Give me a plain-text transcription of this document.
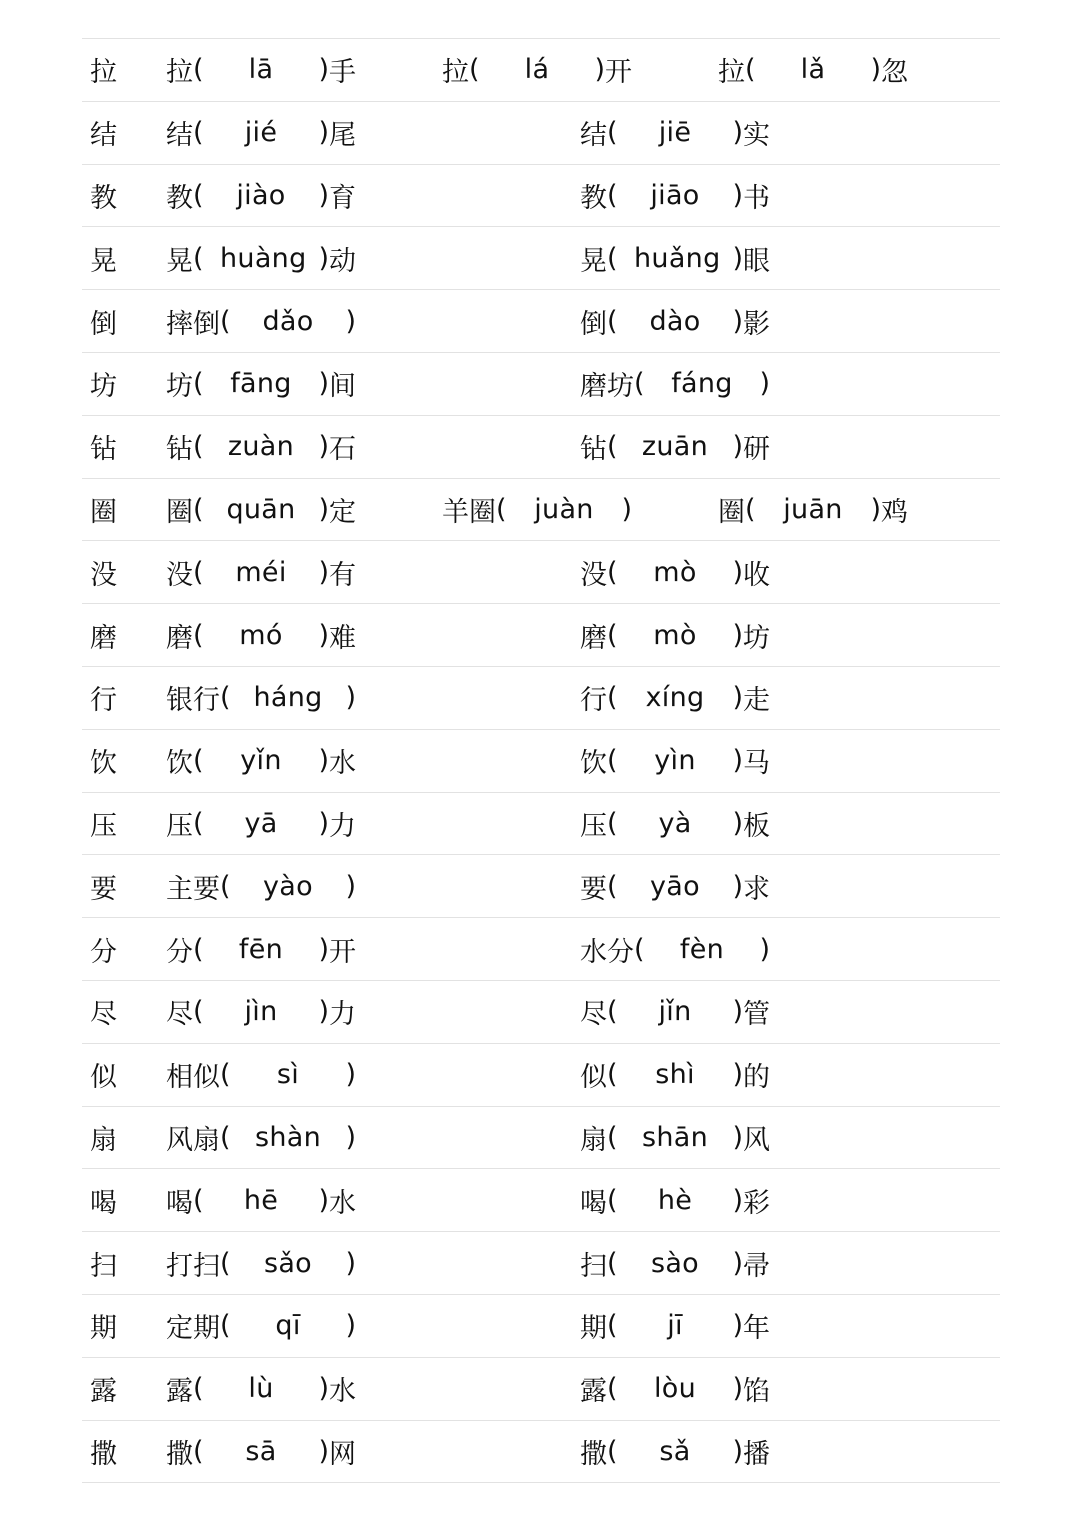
拉 拉 (	lā	) 手	拉 (	lá	) 开	拉 (	lǎ	) 忽
结 结 (	jié	) 尾	结 (	jiē	) 实
教 教 (	jiào	) 育	教 (	jiāo	) 书
晃 晃 ( huàng ) 动	晃 ( huǎng ) 眼
倒 摔倒 (	dǎo	)	倒 (	dào	) 影
坊 坊 ( fāng ) 间	磨坊 ( fáng )
钻 钻 ( zuàn ) 石	钻 ( zuān ) 研
圈 圈 ( quān ) 定	羊圈 (	juàn	)	圈 (	juān	) 鸡
没 没 (	méi	) 有	没 (	mò	) 收
磨 磨 (	mó	) 难	磨 (	mò	) 坊
行 银行 ( háng )	行 (	xíng	) 走
饮 饮 (	yǐn	) 水	饮 (	yìn	) 马
压 压 (	yā	) 力	压 (	yà	) 板
要 主要 (	yào	)	要 (	yāo	) 求
分 分 (	fēn	) 开	水分 (	fèn	)
尽 尽 (	jìn	) 力	尽 (	jǐn	) 管
似 相似 (	sì	)	似 (	shì	) 的
扇 风扇 ( shàn )	扇 ( shān ) 风
喝 喝 (	hē	) 水	喝 (	hè	) 彩
扫 打扫 (	sǎo	)	扫 (	sào	) 帚
期 定期 (	qī	)	期 (	jī	) 年
露 露 (	lù	) 水	露 (	lòu	) 馅
撒 撒 (	sā	) 网	撒 (	sǎ	) 播
